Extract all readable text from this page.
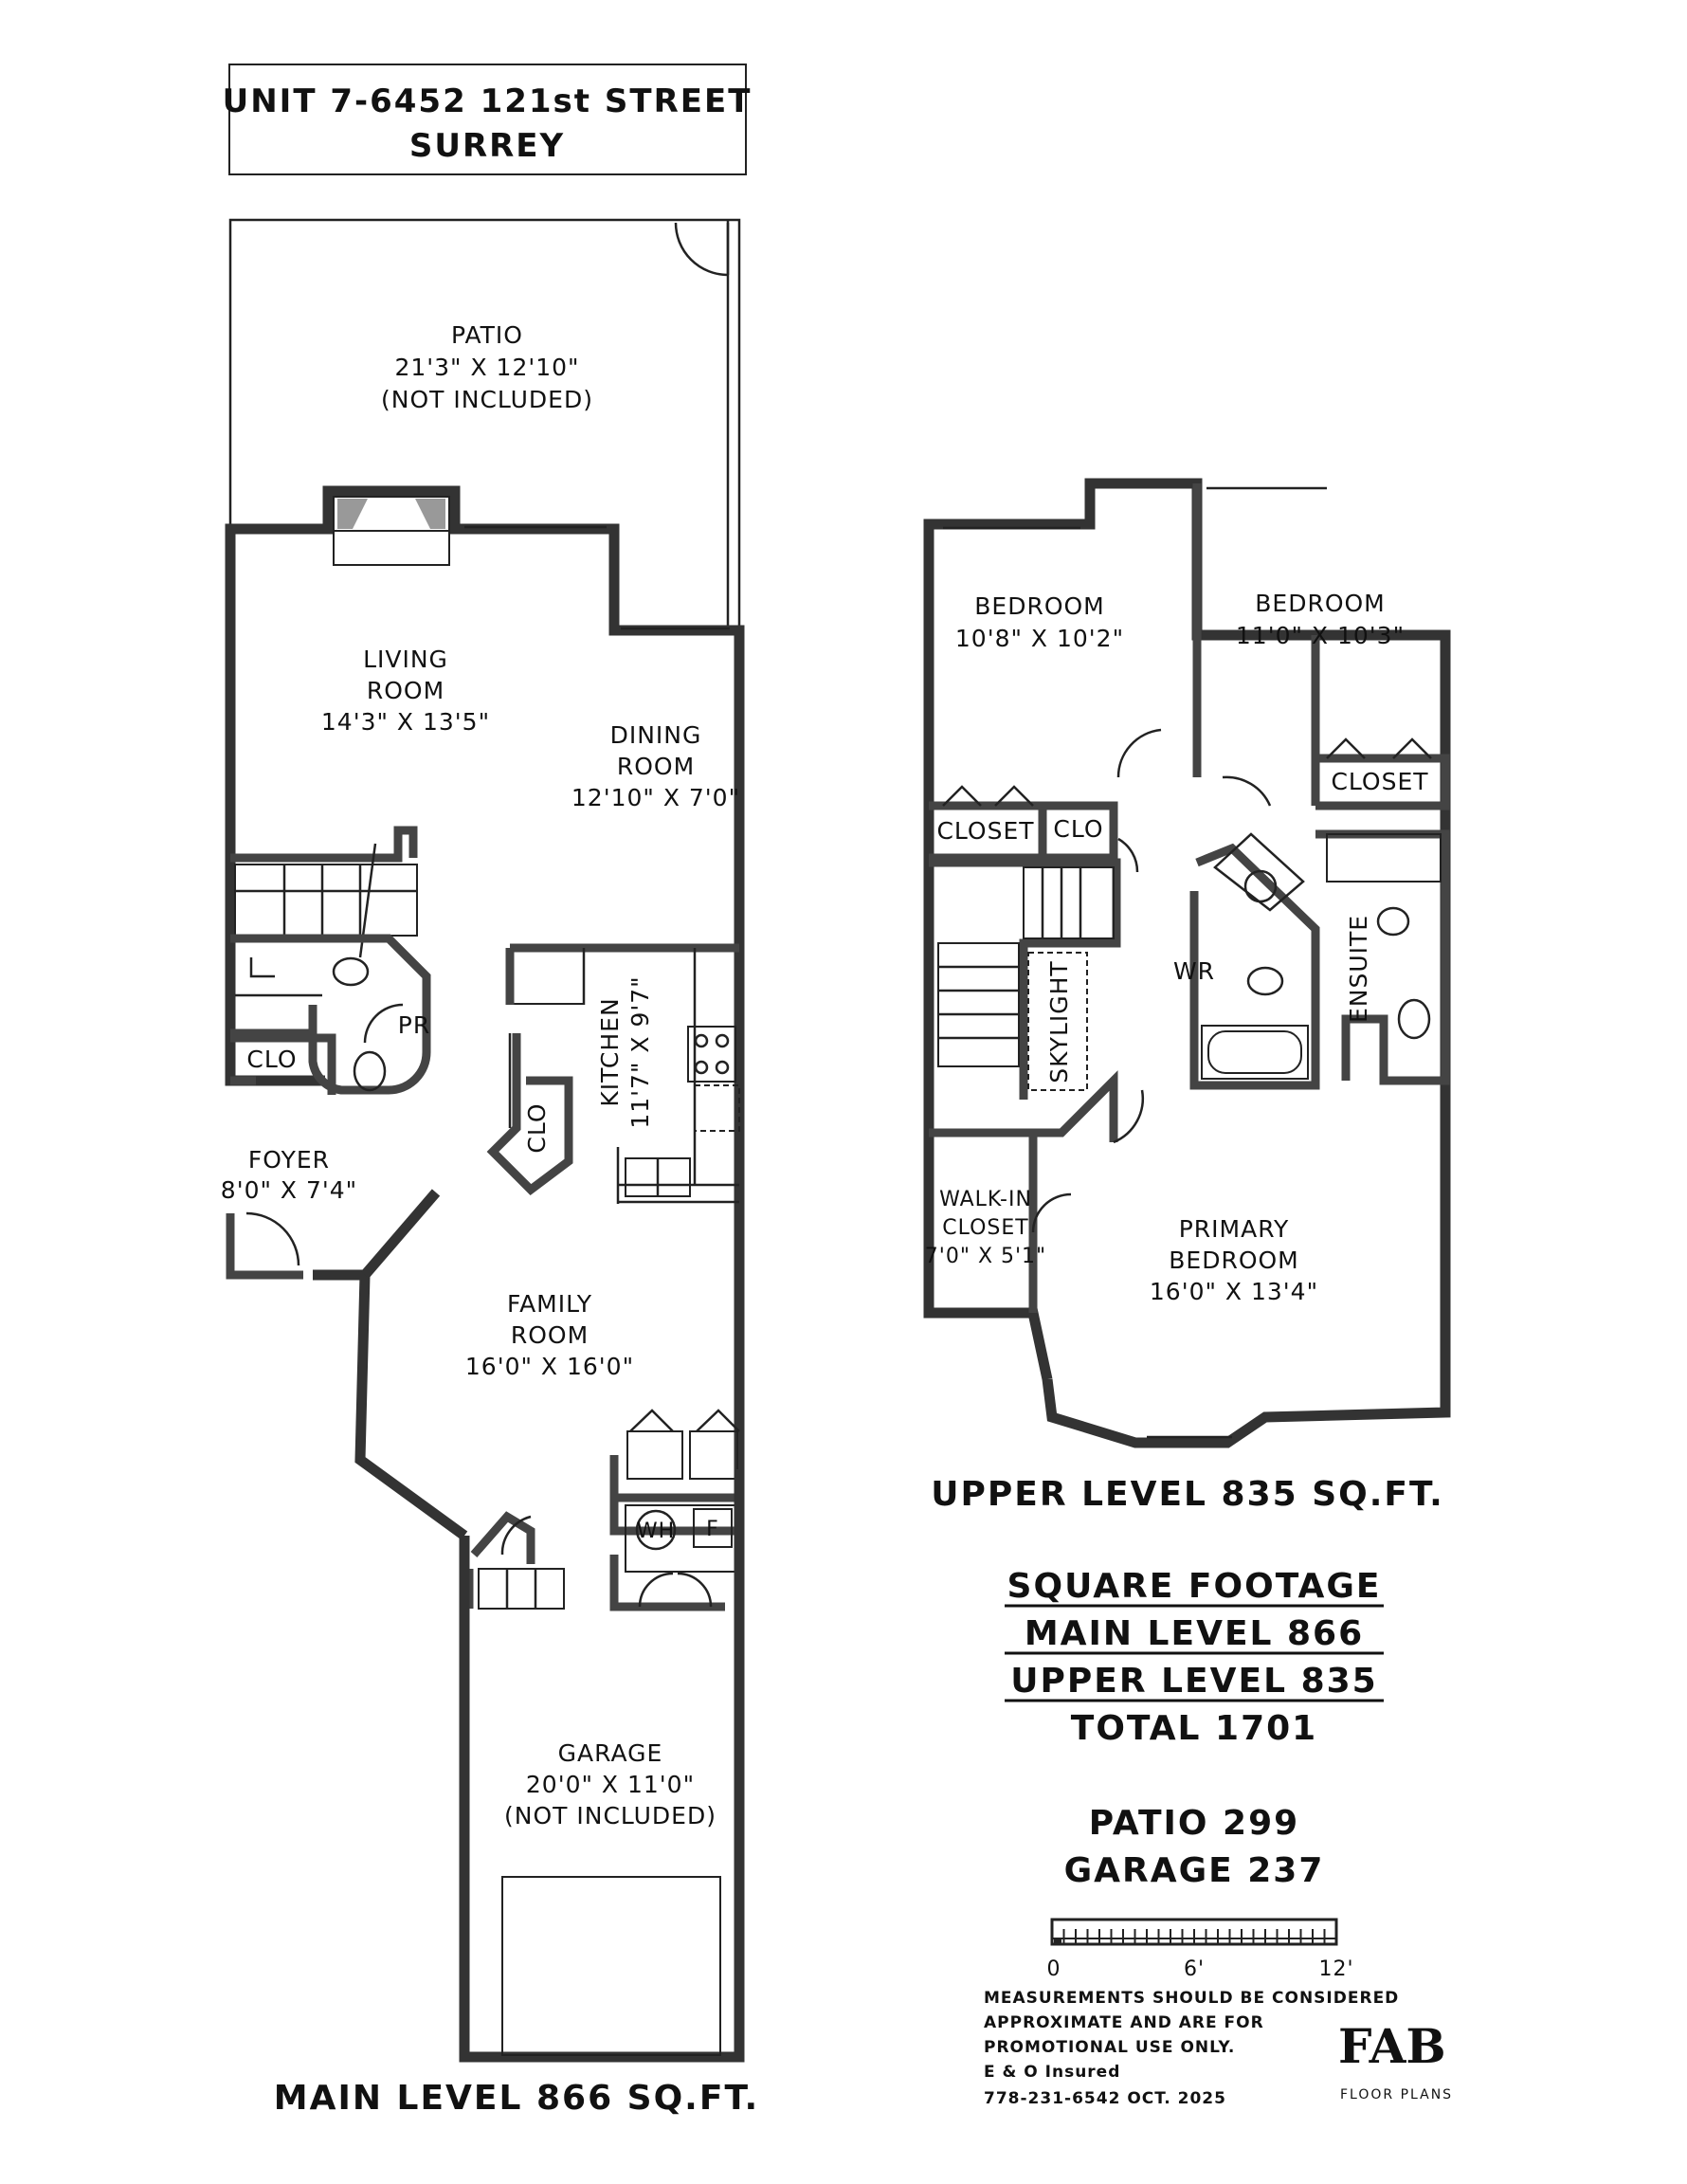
UNIT 7-6452 121st STREET
SURREY
PATIO
21'3" X 12'10"
(NOT INCLUDED)
LIVING
ROOM
14'3" X 13'5"	DINING
ROOM
12'10" X 7'0"
KITCHEN 11'7" X 9'7"
CLO
PR
CLO
FOYER
8'0" X 7'4"
FAMILY
ROOM
16'0" X 16'0"
WH F
GARAGE
20'0" X 11'0"
(NOT INCLUDED)
MAIN LEVEL 866 SQ.FT.
BEDROOM
10'8" X 10'2"
BEDROOM
11'0" X 10'3"
CLOSET CLO
CLOSET
SKYLIGHT	WR	ENSUITE
WALK-IN
CLOSET
7'0" X 5'1"
PRIMARY
BEDROOM
16'0" X 13'4"
UPPER LEVEL 835 SQ.FT.
SQUARE FOOTAGE
MAIN LEVEL 866
UPPER LEVEL 835
TOTAL 1701
PATIO 299
GARAGE 237
0	6'	12'
MEASUREMENTS SHOULD BE CONSIDERED
APPROXIMATE AND ARE FOR
PROMOTIONAL USE ONLY.
E & O Insured
778-231-6542 OCT. 2025
FAB
FLOOR PLANS
